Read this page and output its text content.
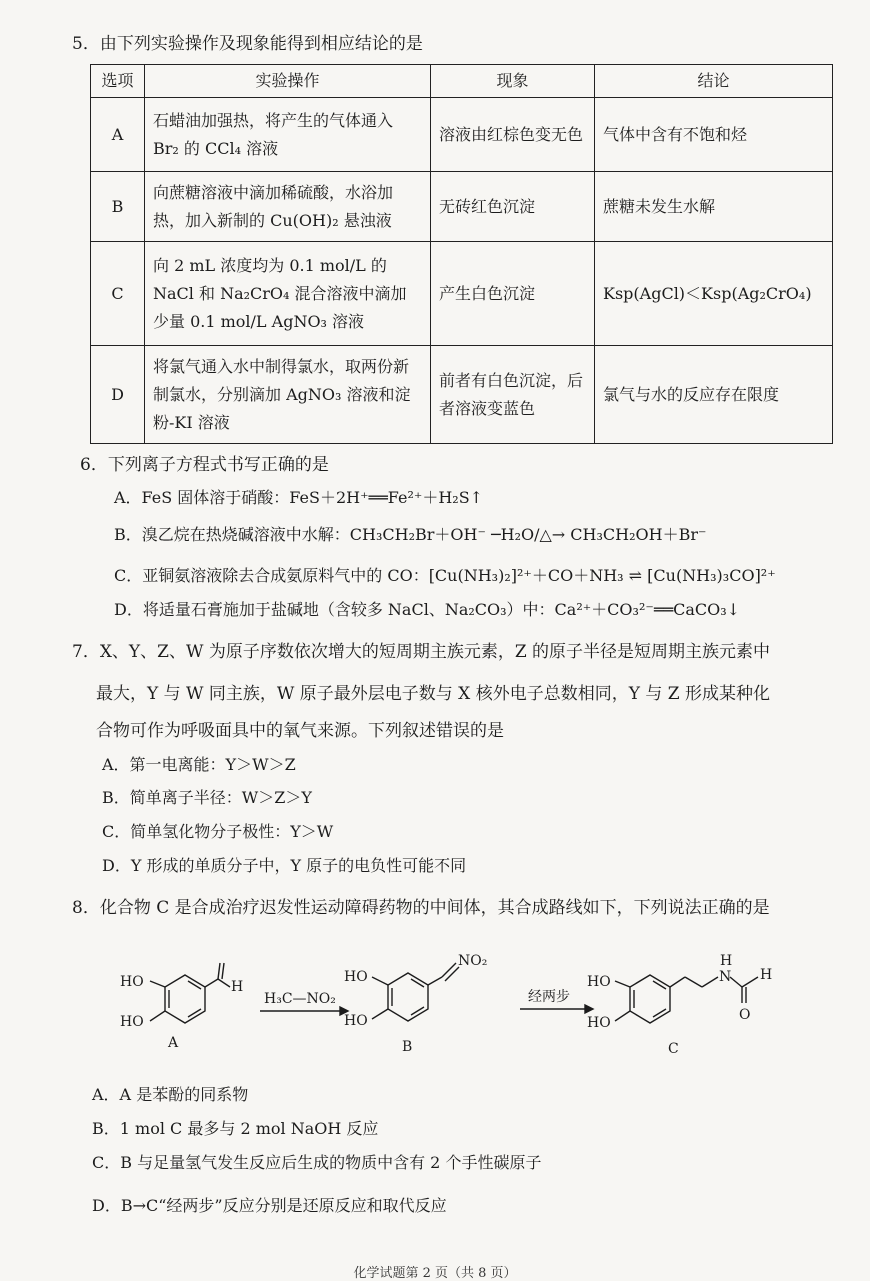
5．由下列实验操作及现象能得到相应结论的是
选项	实验操作	现象	结论
A	石蜡油加强热，将产生的气体通入 Br₂ 的 CCl₄ 溶液	溶液由红棕色变无色	气体中含有不饱和烃
B	向蔗糖溶液中滴加稀硫酸，水浴加热，加入新制的 Cu(OH)₂ 悬浊液	无砖红色沉淀	蔗糖未发生水解
C	向 2 mL 浓度均为 0.1 mol/L 的 NaCl 和 Na₂CrO₄ 混合溶液中滴加少量 0.1 mol/L AgNO₃ 溶液	产生白色沉淀	Ksp(AgCl)＜Ksp(Ag₂CrO₄)
D	将氯气通入水中制得氯水，取两份新制氯水，分别滴加 AgNO₃ 溶液和淀粉-KI 溶液	前者有白色沉淀，后者溶液变蓝色	氯气与水的反应存在限度
6．下列离子方程式书写正确的是
A．FeS 固体溶于硝酸：FeS＋2H⁺══Fe²⁺＋H₂S↑
B．溴乙烷在热烧碱溶液中水解：CH₃CH₂Br＋OH⁻ ─H₂O/△→ CH₃CH₂OH＋Br⁻
C．亚铜氨溶液除去合成氨原料气中的 CO：[Cu(NH₃)₂]²⁺＋CO＋NH₃ ⇌ [Cu(NH₃)₃CO]²⁺
D．将适量石膏施加于盐碱地（含较多 NaCl、Na₂CO₃）中：Ca²⁺＋CO₃²⁻══CaCO₃↓
7．X、Y、Z、W 为原子序数依次增大的短周期主族元素，Z 的原子半径是短周期主族元素中
最大，Y 与 W 同主族，W 原子最外层电子数与 X 核外电子总数相同，Y 与 Z 形成某种化
合物可作为呼吸面具中的氧气来源。下列叙述错误的是
A．第一电离能：Y＞W＞Z
B．简单离子半径：W＞Z＞Y
C．简单氢化物分子极性：Y＞W
D．Y 形成的单质分子中，Y 原子的电负性可能不同
8．化合物 C 是合成治疗迟发性运动障碍药物的中间体，其合成路线如下，下列说法正确的是
HO
HO
H
A
H₃C—NO₂
HO
HO
NO₂
B
经两步
HO
HO
N
H
H
O
C
A．A 是苯酚的同系物
B．1 mol C 最多与 2 mol NaOH 反应
C．B 与足量氢气发生反应后生成的物质中含有 2 个手性碳原子
D．B→C“经两步”反应分别是还原反应和取代反应
化学试题第 2 页（共 8 页）
